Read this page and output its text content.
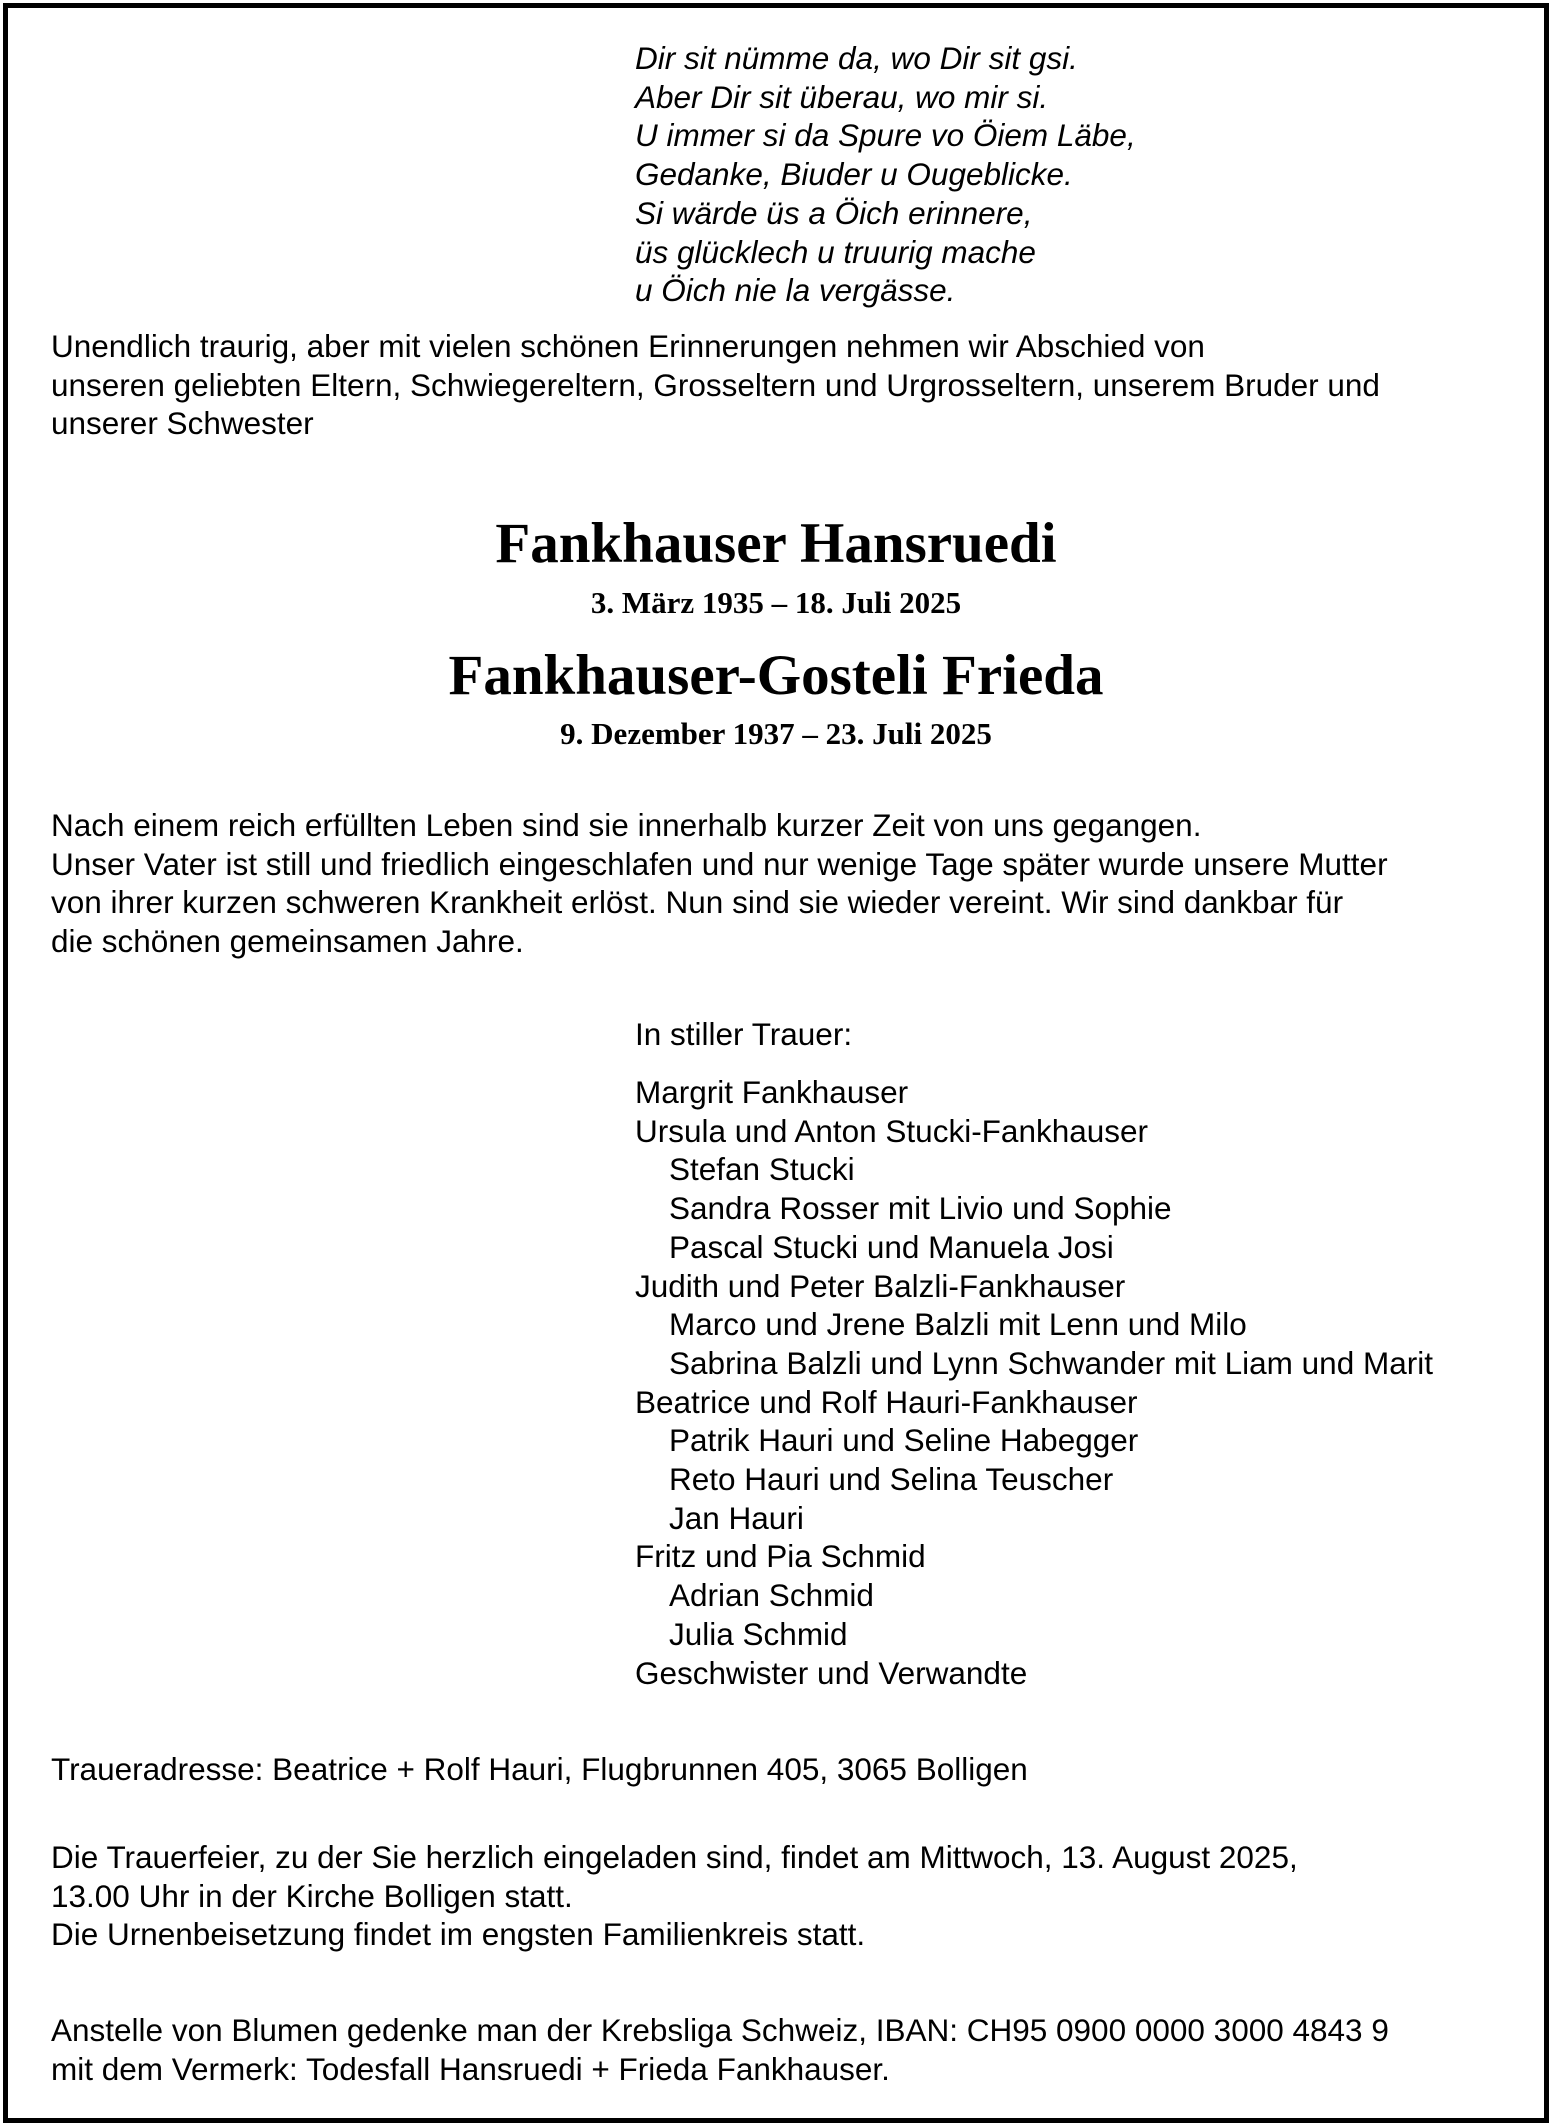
Dir sit nümme da, wo Dir sit gsi.
Aber Dir sit überau, wo mir si.
U immer si da Spure vo Öiem Läbe,
Gedanke, Biuder u Ougeblicke.
Si wärde üs a Öich erinnere,
üs glücklech u truurig mache
u Öich nie la vergässe.
Unendlich traurig, aber mit vielen schönen Erinnerungen nehmen wir Abschied von
unseren geliebten Eltern, Schwiegereltern, Grosseltern und Urgrosseltern, unserem Bruder und
unserer Schwester
Fankhauser Hansruedi
3. März 1935 – 18. Juli 2025
Fankhauser-Gosteli Frieda
9. Dezember 1937 – 23. Juli 2025
Nach einem reich erfüllten Leben sind sie innerhalb kurzer Zeit von uns gegangen.
Unser Vater ist still und friedlich eingeschlafen und nur wenige Tage später wurde unsere Mutter
von ihrer kurzen schweren Krankheit erlöst. Nun sind sie wieder vereint. Wir sind dankbar für
die schönen gemeinsamen Jahre.
In stiller Trauer:
Margrit Fankhauser
Ursula und Anton Stucki-Fankhauser
Stefan Stucki
Sandra Rosser mit Livio und Sophie
Pascal Stucki und Manuela Josi
Judith und Peter Balzli-Fankhauser
Marco und Jrene Balzli mit Lenn und Milo
Sabrina Balzli und Lynn Schwander mit Liam und Marit
Beatrice und Rolf Hauri-Fankhauser
Patrik Hauri und Seline Habegger
Reto Hauri und Selina Teuscher
Jan Hauri
Fritz und Pia Schmid
Adrian Schmid
Julia Schmid
Geschwister und Verwandte
Traueradresse: Beatrice + Rolf Hauri, Flugbrunnen 405, 3065 Bolligen
Die Trauerfeier, zu der Sie herzlich eingeladen sind, findet am Mittwoch, 13. August 2025,
13.00 Uhr in der Kirche Bolligen statt.
Die Urnenbeisetzung findet im engsten Familienkreis statt.
Anstelle von Blumen gedenke man der Krebsliga Schweiz, IBAN: CH95 0900 0000 3000 4843 9
mit dem Vermerk: Todesfall Hansruedi + Frieda Fankhauser.
